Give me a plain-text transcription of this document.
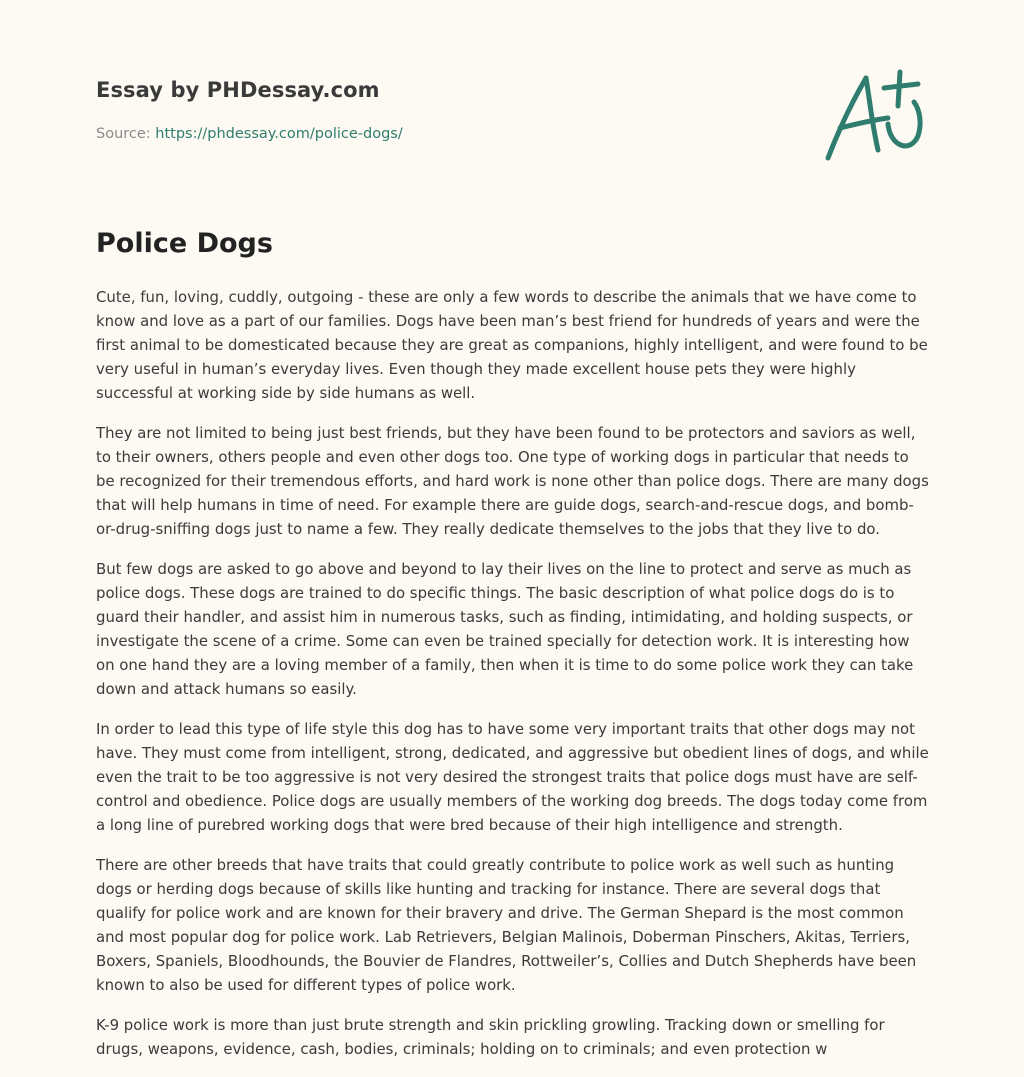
Essay by PHDessay.com
Source: https://phdessay.com/police-dogs/
Police Dogs

Cute, fun, loving, cuddly, outgoing - these are only a few words to describe the animals that we have come to know and love as a part of our families. Dogs have been man’s best friend for hundreds of years and were the first animal to be domesticated because they are great as companions, highly intelligent, and were found to be very useful in human’s everyday lives. Even though they made excellent house pets they were highly successful at working side by side humans as well.

They are not limited to being just best friends, but they have been found to be protectors and saviors as well, to their owners, others people and even other dogs too. One type of working dogs in particular that needs to be recognized for their tremendous efforts, and hard work is none other than police dogs. There are many dogs that will help humans in time of need. For example there are guide dogs, search-and-rescue dogs, and bomb-or-drug-sniffing dogs just to name a few. They really dedicate themselves to the jobs that they live to do.

But few dogs are asked to go above and beyond to lay their lives on the line to protect and serve as much as police dogs. These dogs are trained to do specific things. The basic description of what police dogs do is to guard their handler, and assist him in numerous tasks, such as finding, intimidating, and holding suspects, or investigate the scene of a crime. Some can even be trained specially for detection work. It is interesting how on one hand they are a loving member of a family, then when it is time to do some police work they can take down and attack humans so easily.

In order to lead this type of life style this dog has to have some very important traits that other dogs may not have. They must come from intelligent, strong, dedicated, and aggressive but obedient lines of dogs, and while even the trait to be too aggressive is not very desired the strongest traits that police dogs must have are self-control and obedience. Police dogs are usually members of the working dog breeds. The dogs today come from a long line of purebred working dogs that were bred because of their high intelligence and strength.

There are other breeds that have traits that could greatly contribute to police work as well such as hunting dogs or herding dogs because of skills like hunting and tracking for instance. There are several dogs that qualify for police work and are known for their bravery and drive. The German Shepard is the most common and most popular dog for police work. Lab Retrievers, Belgian Malinois, Doberman Pinschers, Akitas, Terriers, Boxers, Spaniels, Bloodhounds, the Bouvier de Flandres, Rottweiler’s, Collies and Dutch Shepherds have been known to also be used for different types of police work.

K-9 police work is more than just brute strength and skin prickling growling. Tracking down or smelling for drugs, weapons, evidence, cash, bodies, criminals; holding on to criminals; and even protection w
